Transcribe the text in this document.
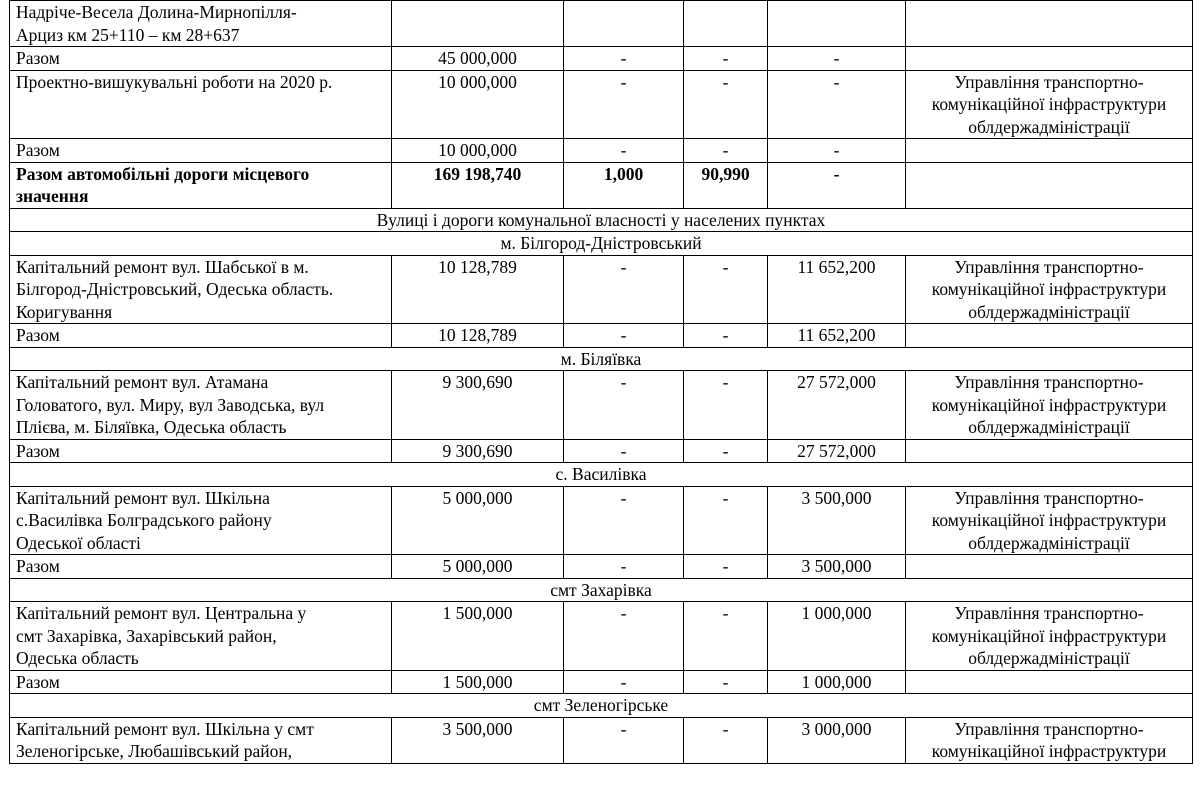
Надріче-Весела Долина-Мирнопілля-
Арциз км 25+110 – км 28+637					

Разом	45 000,000	-	-	-	

Проектно-вишукувальні роботи на 2020 р.	10 000,000	-	-	-	Управління транспортно-
комунікаційної інфраструктури
облдержадміністрації

Разом	10 000,000	-	-	-	

Разом автомобільні дороги місцевого
значення	169 198,740	1,000	90,990	-	
Вулиці і дороги комунальної власності у населених пунктах					
м. Білгород-Дністровський					

Капітальний ремонт вул. Шабської в м.
Білгород-Дністровський, Одеська область.
Коригування	10 128,789	-	-	11 652,200	Управління транспортно-
комунікаційної інфраструктури
облдержадміністрації

Разом	10 128,789	-	-	11 652,200	
м. Біляївка					

Капітальний ремонт вул. Атамана
Головатого, вул. Миру, вул Заводська, вул
Плієва, м. Біляївка, Одеська область	9 300,690	-	-	27 572,000	Управління транспортно-
комунікаційної інфраструктури
облдержадміністрації

Разом	9 300,690	-	-	27 572,000	
с. Василівка					

Капітальний ремонт вул. Шкільна
с.Василівка Болградського району
Одеської області	5 000,000	-	-	3 500,000	Управління транспортно-
комунікаційної інфраструктури
облдержадміністрації

Разом	5 000,000	-	-	3 500,000	
смт Захарівка					

Капітальний ремонт вул. Центральна у
смт Захарівка, Захарівський район,
Одеська область	1 500,000	-	-	1 000,000	Управління транспортно-
комунікаційної інфраструктури
облдержадміністрації

Разом	1 500,000	-	-	1 000,000	
смт Зеленогірське					

Капітальний ремонт вул. Шкільна у смт
Зеленогірське, Любашівський район,	3 500,000	-	-	3 000,000	Управління транспортно-
комунікаційної інфраструктури
